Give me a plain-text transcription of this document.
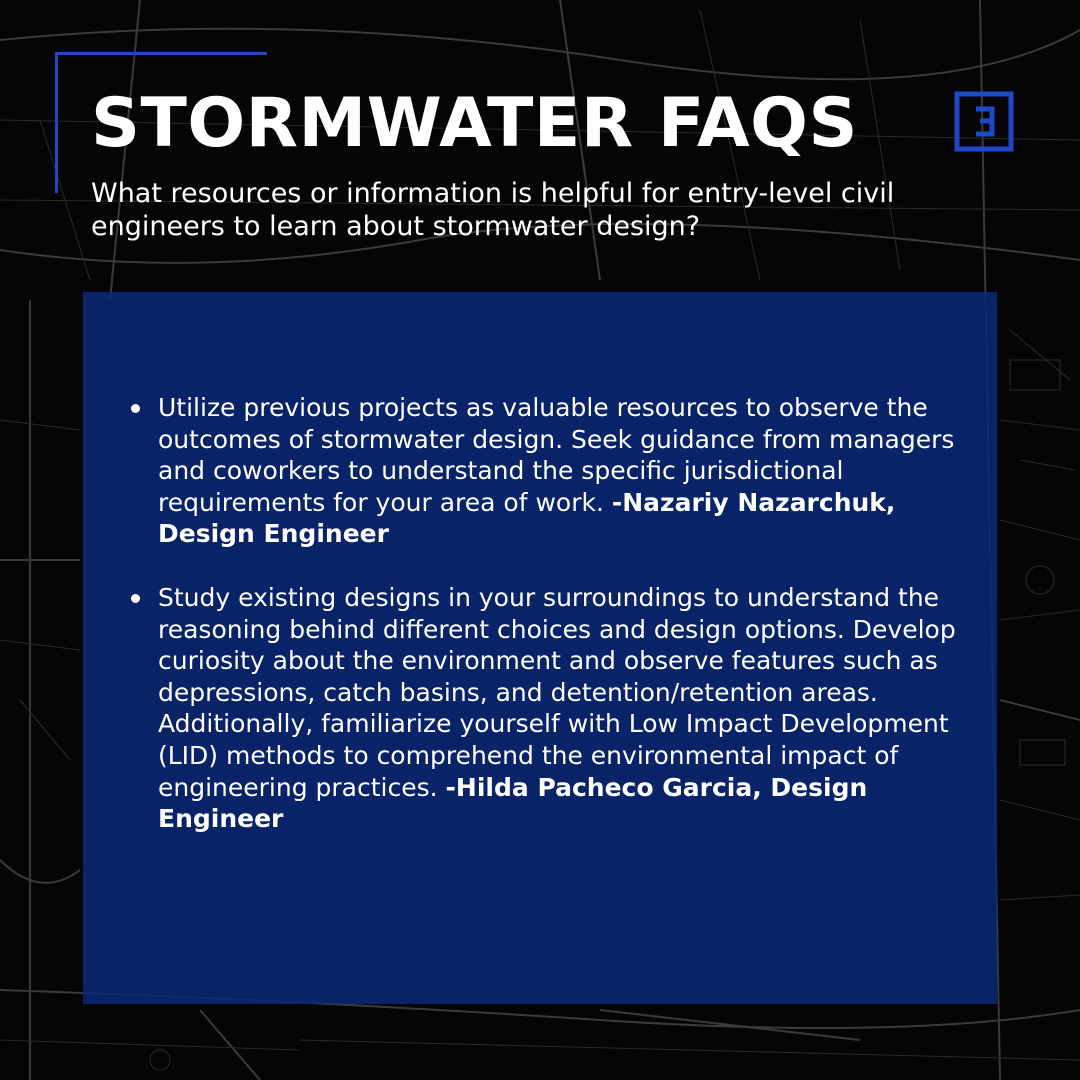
STORMWATER FAQS

What resources or information is helpful for entry-level civil engineers to learn about stormwater design?

Utilize previous projects as valuable resources to observe the outcomes of stormwater design. Seek guidance from managers and coworkers to understand the specific jurisdictional requirements for your area of work. -Nazariy Nazarchuk, Design Engineer
Study existing designs in your surroundings to understand the reasoning behind different choices and design options. Develop curiosity about the environment and observe features such as depressions, catch basins, and detention/retention areas. Additionally, familiarize yourself with Low Impact Development (LID) methods to comprehend the environmental impact of engineering practices. -Hilda Pacheco Garcia, Design Engineer
